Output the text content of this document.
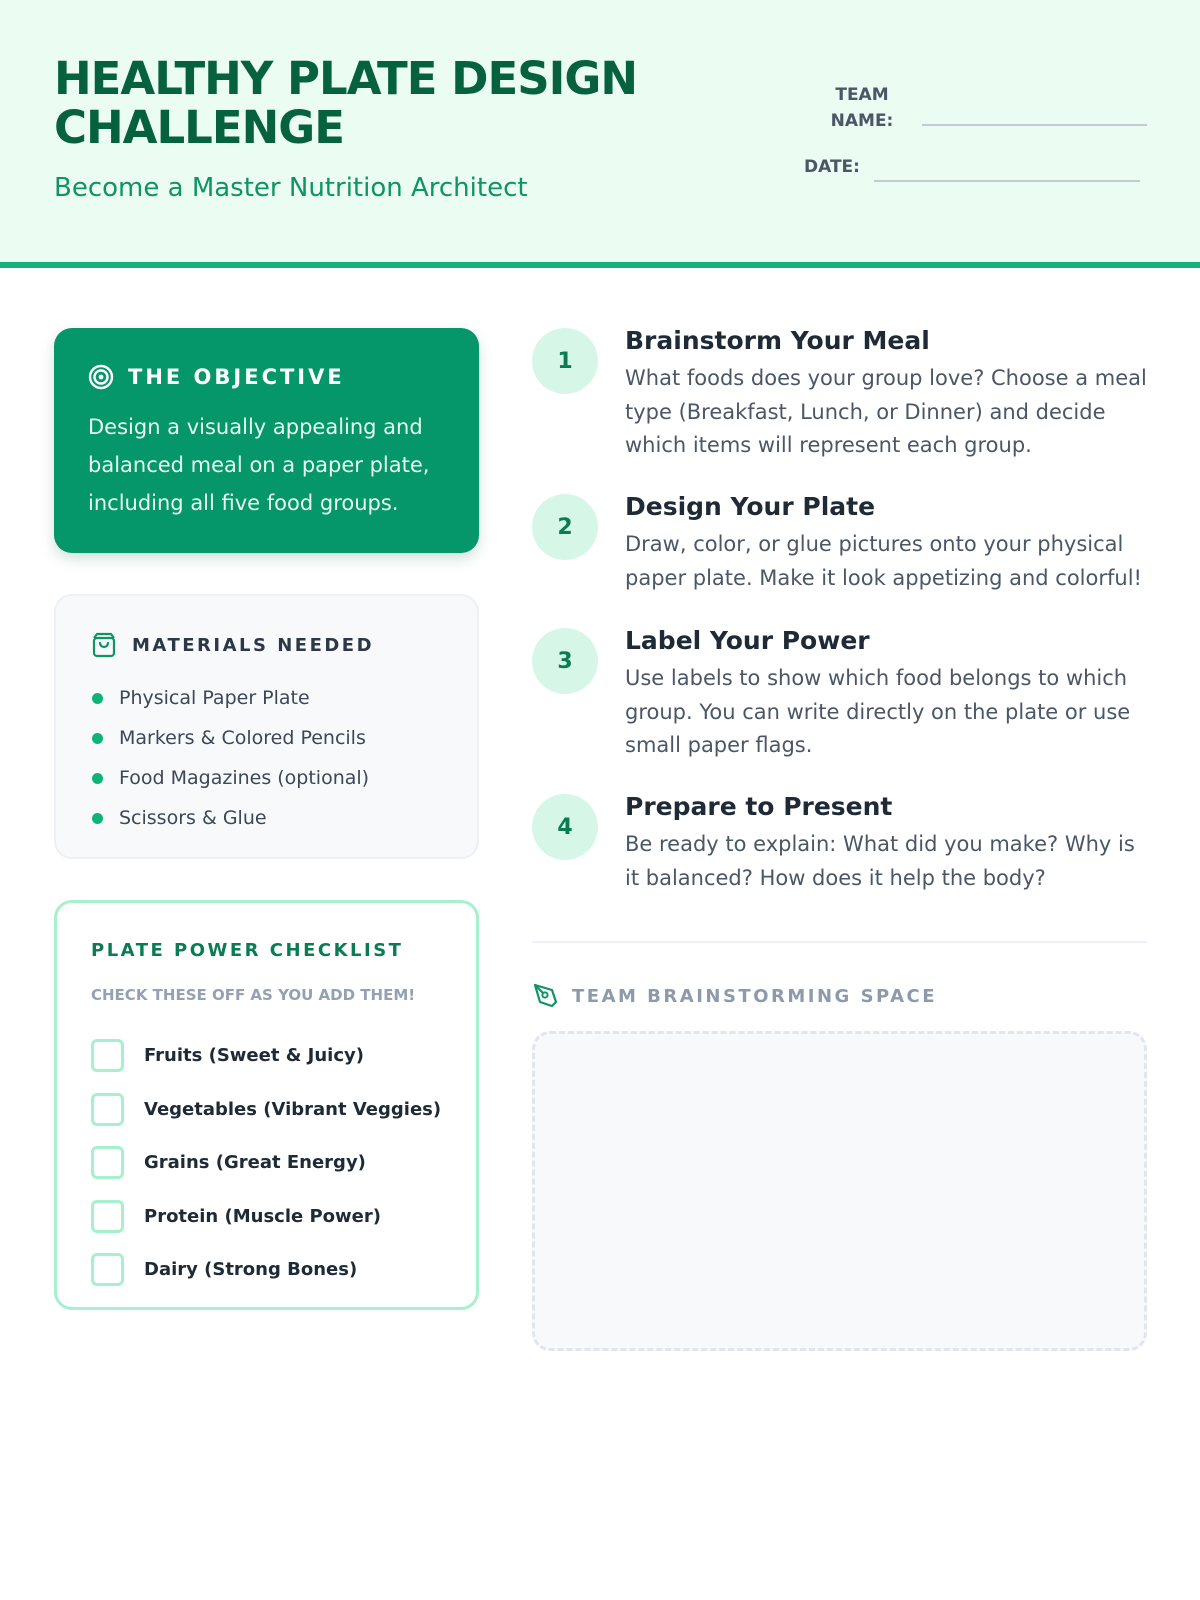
HEALTHY PLATE DESIGN CHALLENGE
Become a Master Nutrition Architect
TEAM
NAME:
DATE:
THE OBJECTIVE

Design a visually appealing and balanced meal on a paper plate, including all five food groups.

MATERIALS NEEDED
Physical Paper Plate
Markers & Colored Pencils
Food Magazines (optional)
Scissors & Glue
PLATE POWER CHECKLIST
CHECK THESE OFF AS YOU ADD THEM!
Fruits (Sweet & Juicy)
Vegetables (Vibrant Veggies)
Grains (Great Energy)
Protein (Muscle Power)
Dairy (Strong Bones)
1
Brainstorm Your Meal

What foods does your group love? Choose a meal type (Breakfast, Lunch, or Dinner) and decide which items will represent each group.

2
Design Your Plate

Draw, color, or glue pictures onto your physical paper plate. Make it look appetizing and colorful!

3
Label Your Power

Use labels to show which food belongs to which group. You can write directly on the plate or use small paper flags.

4
Prepare to Present

Be ready to explain: What did you make? Why is it balanced? How does it help the body?

TEAM BRAINSTORMING SPACE
